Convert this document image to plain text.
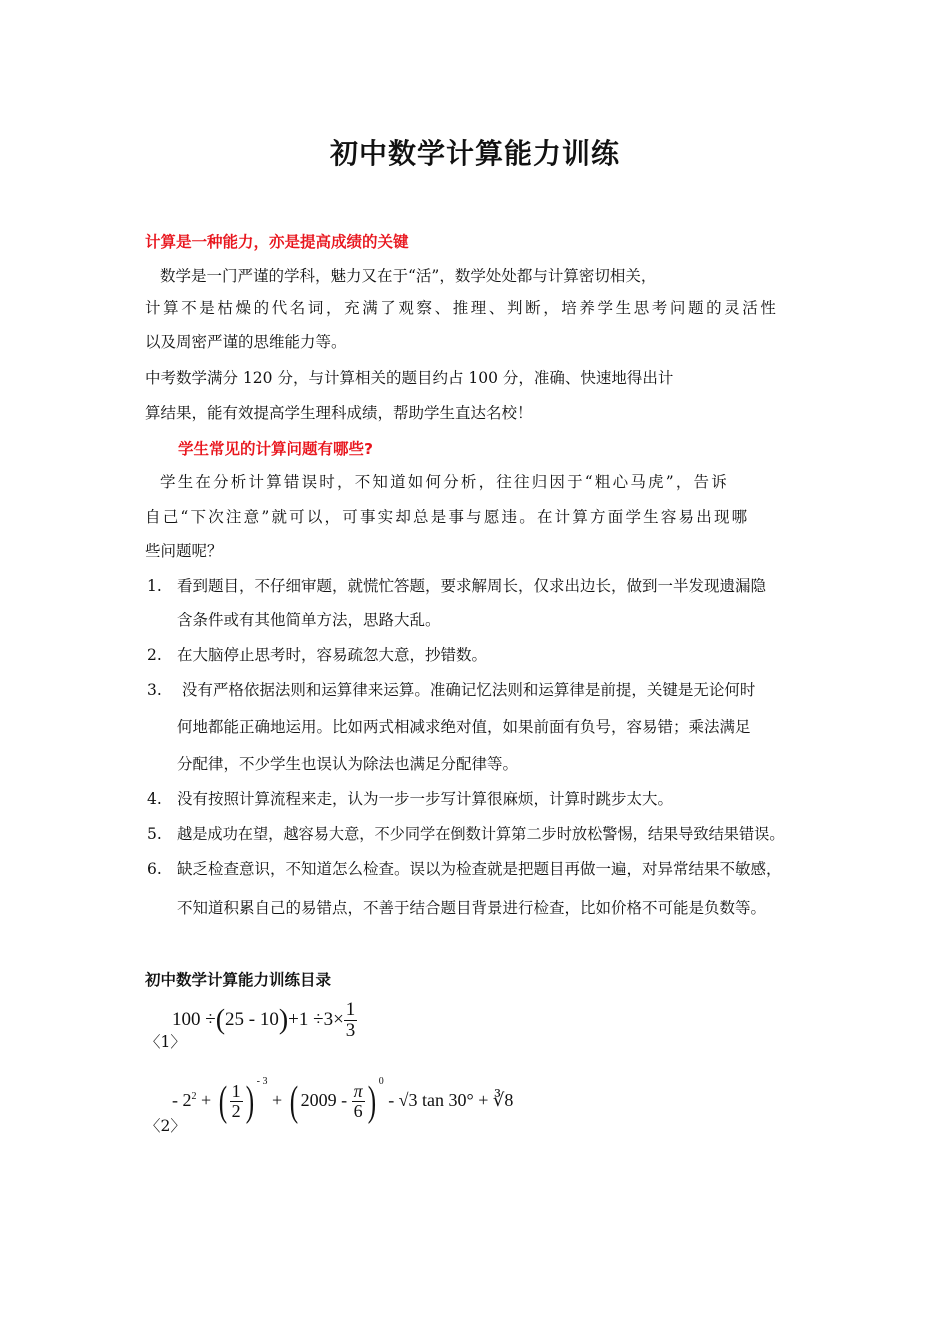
初中数学计算能力训练
计算是一种能力，亦是提高成绩的关键
数学是一门严谨的学科，魅力又在于“活”，数学处处都与计算密切相关，
计算不是枯燥的代名词，充满了观察、推理、判断，培养学生思考问题的灵活性
以及周密严谨的思维能力等。
中考数学满分 120 分，与计算相关的题目约占 100 分，准确、快速地得出计
算结果，能有效提高学生理科成绩，帮助学生直达名校！
学生常见的计算问题有哪些?
学生在分析计算错误时，不知道如何分析，往往归因于“粗心马虎”，告诉
自己“下次注意”就可以，可事实却总是事与愿违。在计算方面学生容易出现哪
些问题呢？
1. 看到题目，不仔细审题，就慌忙答题，要求解周长，仅求出边长，做到一半发现遗漏隐
含条件或有其他简单方法，思路大乱。
2. 在大脑停止思考时，容易疏忽大意，抄错数。
3. 没有严格依据法则和运算律来运算。准确记忆法则和运算律是前提，关键是无论何时
何地都能正确地运用。比如两式相减求绝对值，如果前面有负号，容易错；乘法满足
分配律，不少学生也误认为除法也满足分配律等。
4. 没有按照计算流程来走，认为一步一步写计算很麻烦，计算时跳步太大。
5. 越是成功在望，越容易大意，不少同学在倒数计算第二步时放松警惕，结果导致结果错误。
6. 缺乏检查意识，不知道怎么检查。误以为检查就是把题目再做一遍，对异常结果不敏感，
不知道积累自己的易错点，不善于结合题目背景进行检查，比如价格不可能是负数等。
初中数学计算能力训练目录
$100 \div(25 - 10)+1 \div 3\times \frac{1}{3}$
〈1〉
- $2^2$ + ( $\frac{1}{2}$ ) $^{- 3}$ + ( $2009 - \frac{\pi}{6}$ ) $^0$ - √3 tan 30° + ∛8
〈2〉
